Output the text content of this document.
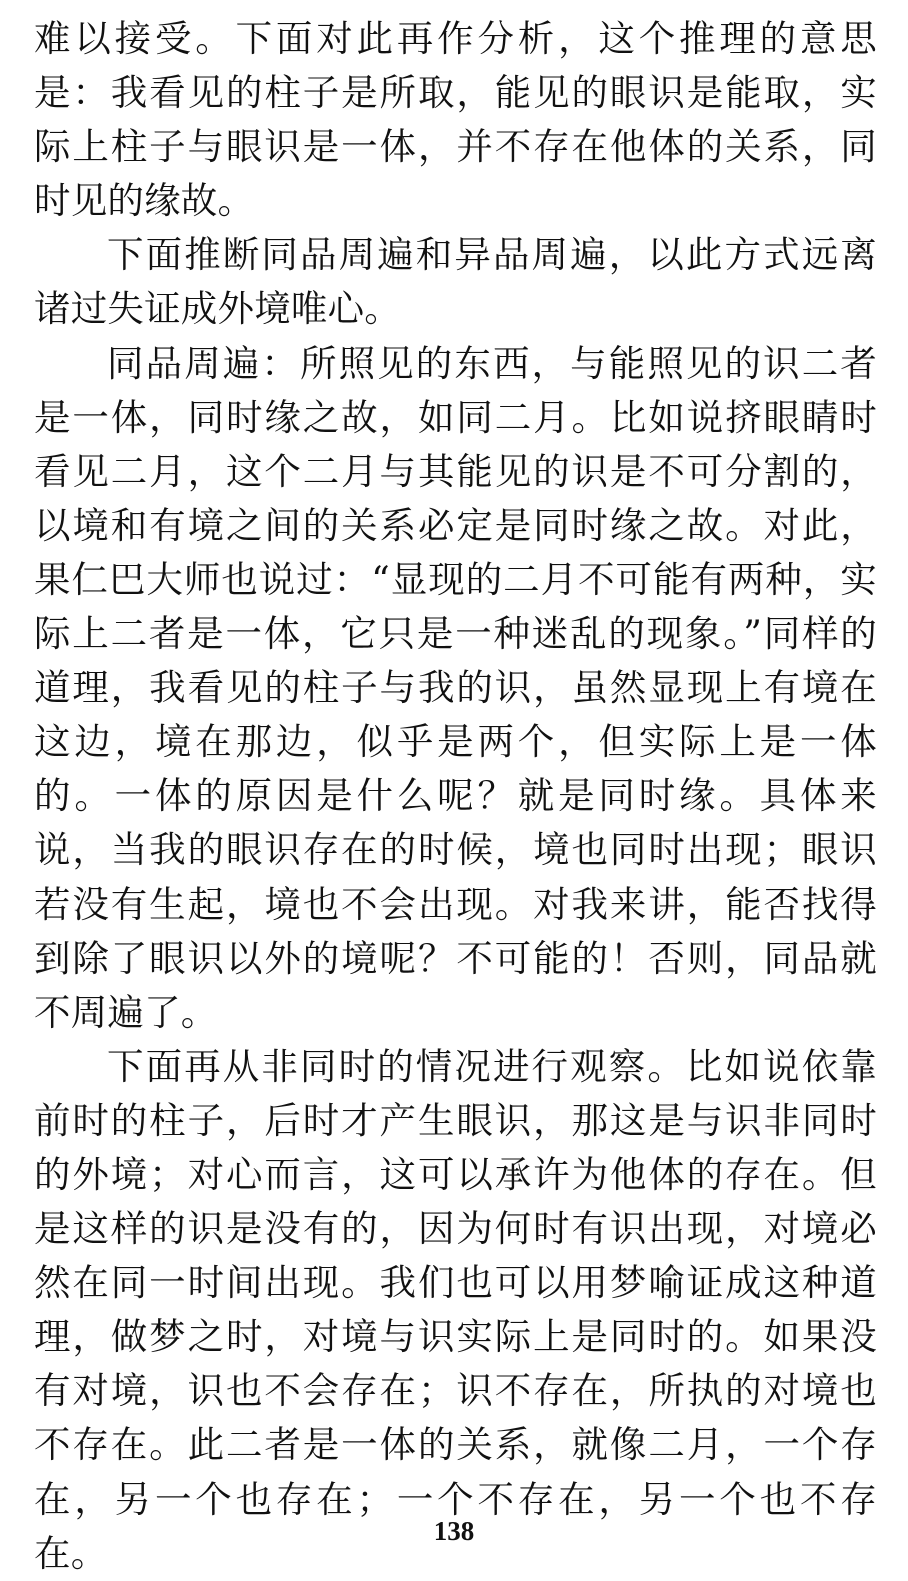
难以接受。下面对此再作分析，这个推理的意思是：我看见的柱子是所取，能见的眼识是能取，实际上柱子与眼识是一体，并不存在他体的关系，同时见的缘故。

下面推断同品周遍和异品周遍，以此方式远离诸过失证成外境唯心。

同品周遍：所照见的东西，与能照见的识二者是一体，同时缘之故，如同二月。比如说挤眼睛时看见二月，这个二月与其能见的识是不可分割的，以境和有境之间的关系必定是同时缘之故。对此，果仁巴大师也说过：“显现的二月不可能有两种，实际上二者是一体，它只是一种迷乱的现象。”同样的道理，我看见的柱子与我的识，虽然显现上有境在这边，境在那边，似乎是两个，但实际上是一体的。一体的原因是什么呢？就是同时缘。具体来说，当我的眼识存在的时候，境也同时出现；眼识若没有生起，境也不会出现。对我来讲，能否找得到除了眼识以外的境呢？不可能的！否则，同品就不周遍了。

下面再从非同时的情况进行观察。比如说依靠前时的柱子，后时才产生眼识，那这是与识非同时的外境；对心而言，这可以承许为他体的存在。但是这样的识是没有的，因为何时有识出现，对境必然在同一时间出现。我们也可以用梦喻证成这种道理，做梦之时，对境与识实际上是同时的。如果没有对境，识也不会存在；识不存在，所执的对境也不存在。此二者是一体的关系，就像二月，一个存在，另一个也存在；一个不存在，另一个也不存在。

138
